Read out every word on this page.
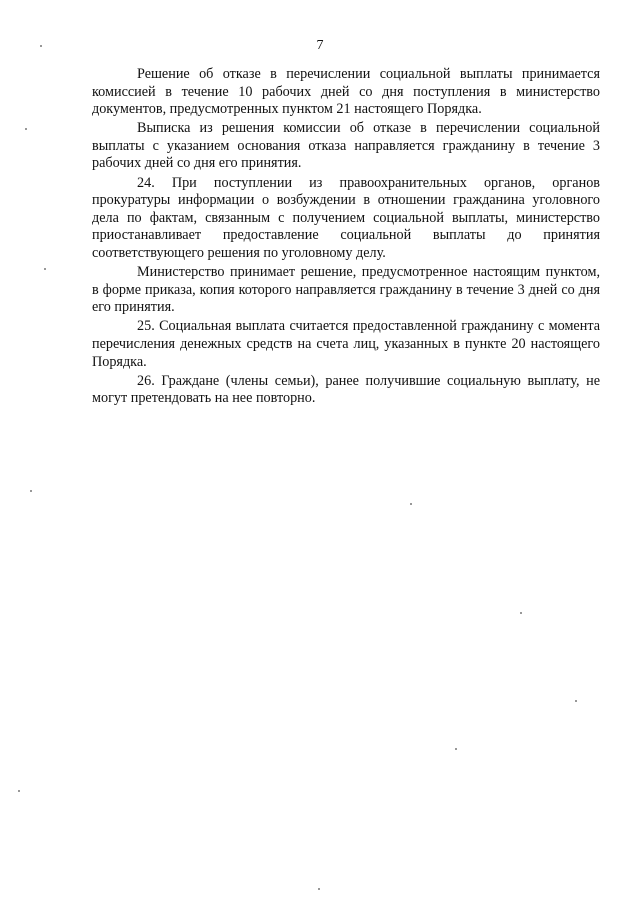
7

Решение об отказе в перечислении социальной выплаты принимается комиссией в течение 10 рабочих дней со дня поступления в министерство документов, предусмотренных пунктом 21 настоящего Порядка.

Выписка из решения комиссии об отказе в перечислении социальной выплаты с указанием основания отказа направляется гражданину в течение 3 рабочих дней со дня его принятия.

24. При поступлении из правоохранительных органов, органов прокуратуры информации о возбуждении в отношении гражданина уголовного дела по фактам, связанным с получением социальной выплаты, министерство приостанавливает предоставление социальной выплаты до принятия соответствующего решения по уголовному делу.

Министерство принимает решение, предусмотренное настоящим пунктом, в форме приказа, копия которого направляется гражданину в течение 3 дней со дня его принятия.

25. Социальная выплата считается предоставленной гражданину с момента перечисления денежных средств на счета лиц, указанных в пункте 20 настоящего Порядка.

26. Граждане (члены семьи), ранее получившие социальную выплату, не могут претендовать на нее повторно.
